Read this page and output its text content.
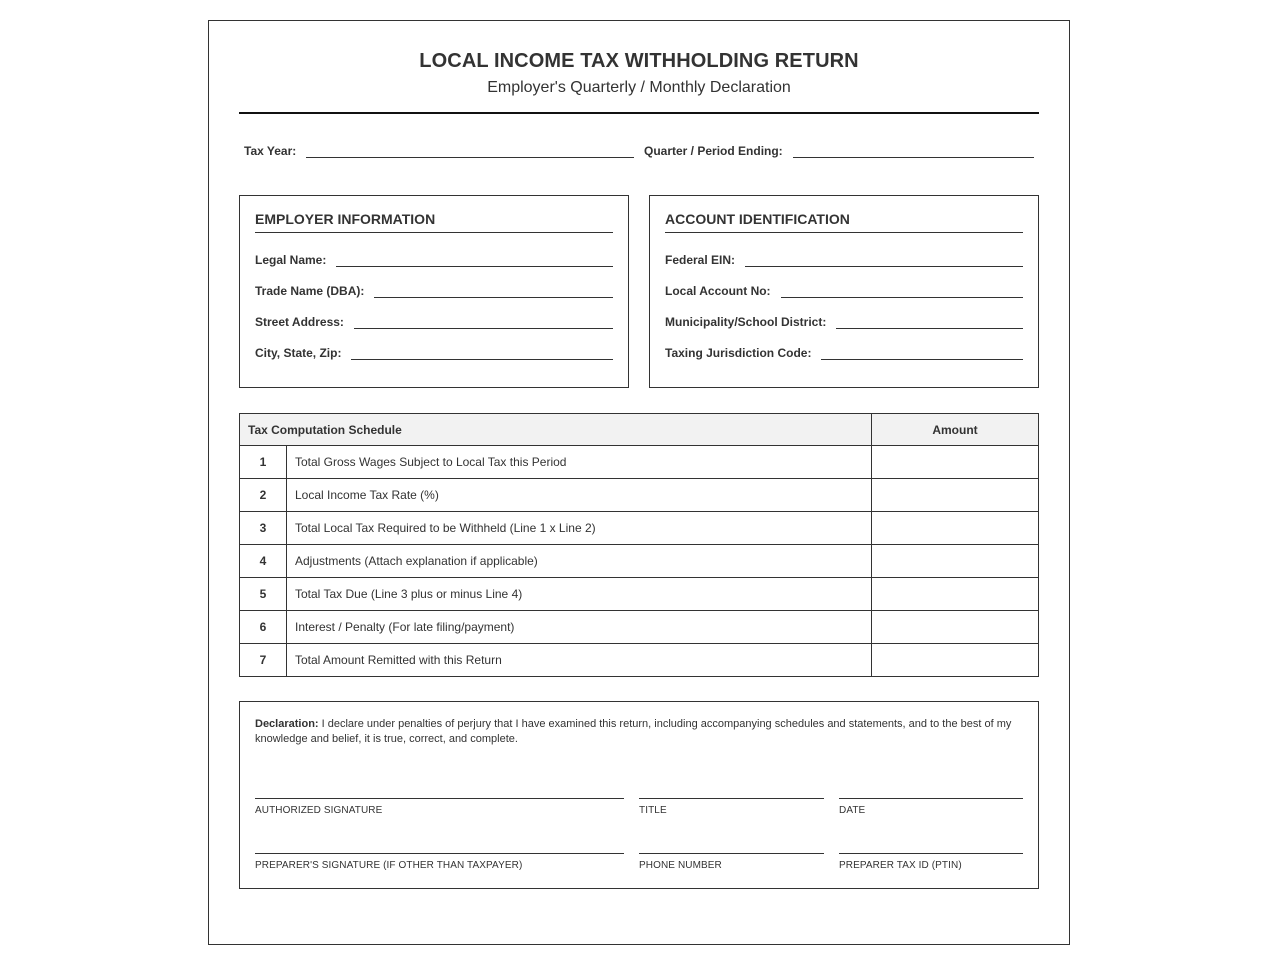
LOCAL INCOME TAX WITHHOLDING RETURN
Employer's Quarterly / Monthly Declaration
Tax Year:	Quarter / Period Ending:
EMPLOYER INFORMATION
Legal Name:
Trade Name (DBA):
Street Address:
City, State, Zip:
ACCOUNT IDENTIFICATION
Federal EIN:
Local Account No:
Municipality/School District:
Taxing Jurisdiction Code:
Tax Computation Schedule		Amount
1	Total Gross Wages Subject to Local Tax this Period	
2	Local Income Tax Rate (%)	
3	Total Local Tax Required to be Withheld (Line 1 x Line 2)	
4	Adjustments (Attach explanation if applicable)	
5	Total Tax Due (Line 3 plus or minus Line 4)	
6	Interest / Penalty (For late filing/payment)	
7	Total Amount Remitted with this Return	
Declaration: I declare under penalties of perjury that I have examined this return, including accompanying schedules and statements, and to the best of my knowledge and belief, it is true, correct, and complete.
AUTHORIZED SIGNATURE	TITLE	DATE
PREPARER'S SIGNATURE (IF OTHER THAN TAXPAYER)	PHONE NUMBER	PREPARER TAX ID (PTIN)
